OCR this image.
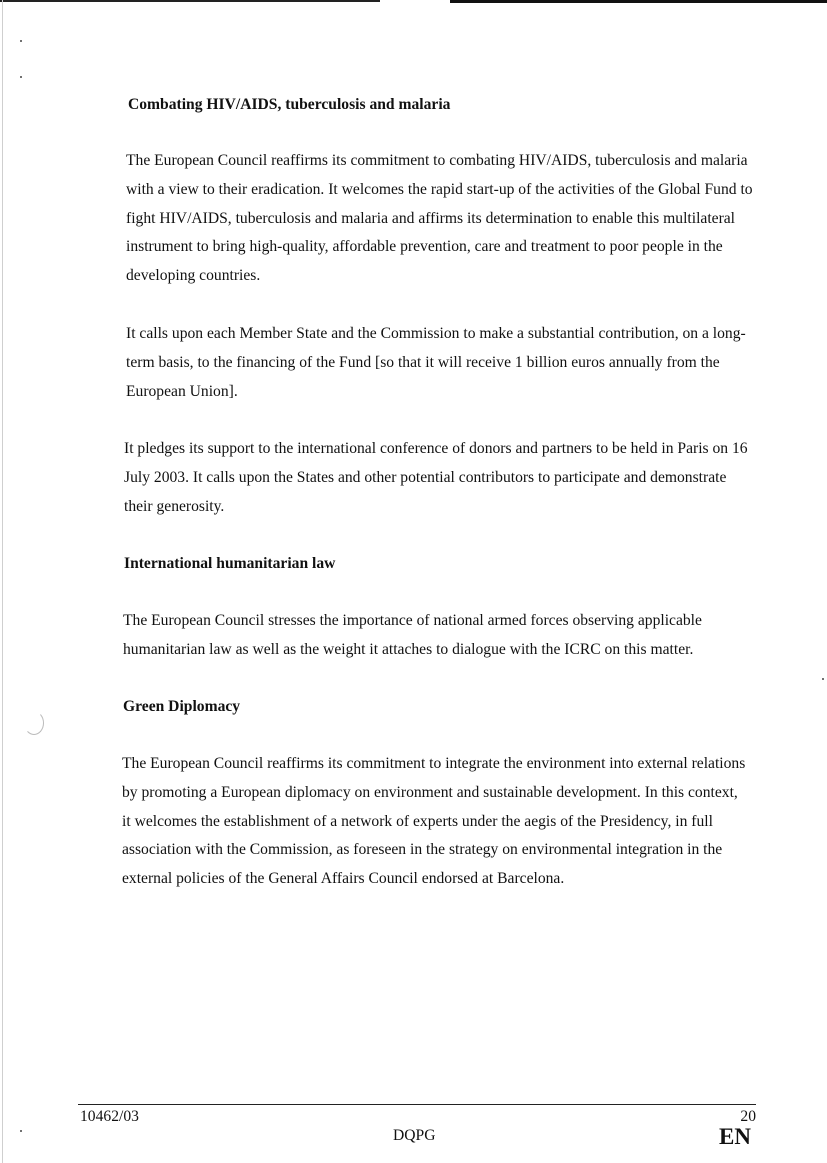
Combating HIV/AIDS, tuberculosis and malaria

The European Council reaffirms its commitment to combating HIV/AIDS, tuberculosis and malaria with a view to their eradication. It welcomes the rapid start-up of the activities of the Global Fund to fight HIV/AIDS, tuberculosis and malaria and affirms its determination to enable this multilateral instrument to bring high-quality, affordable prevention, care and treatment to poor people in the developing countries.

It calls upon each Member State and the Commission to make a substantial contribution, on a long-term basis, to the financing of the Fund [so that it will receive 1 billion euros annually from the European Union].

It pledges its support to the international conference of donors and partners to be held in Paris on 16 July 2003. It calls upon the States and other potential contributors to participate and demonstrate their generosity.

International humanitarian law

The European Council stresses the importance of national armed forces observing applicable humanitarian law as well as the weight it attaches to dialogue with the ICRC on this matter.

Green Diplomacy

The European Council reaffirms its commitment to integrate the environment into external relations by promoting a European diplomacy on environment and sustainable development. In this context, it welcomes the establishment of a network of experts under the aegis of the Presidency, in full association with the Commission, as foreseen in the strategy on environmental integration in the external policies of the General Affairs Council endorsed at Barcelona.

10462/03	20
DQPG	EN
